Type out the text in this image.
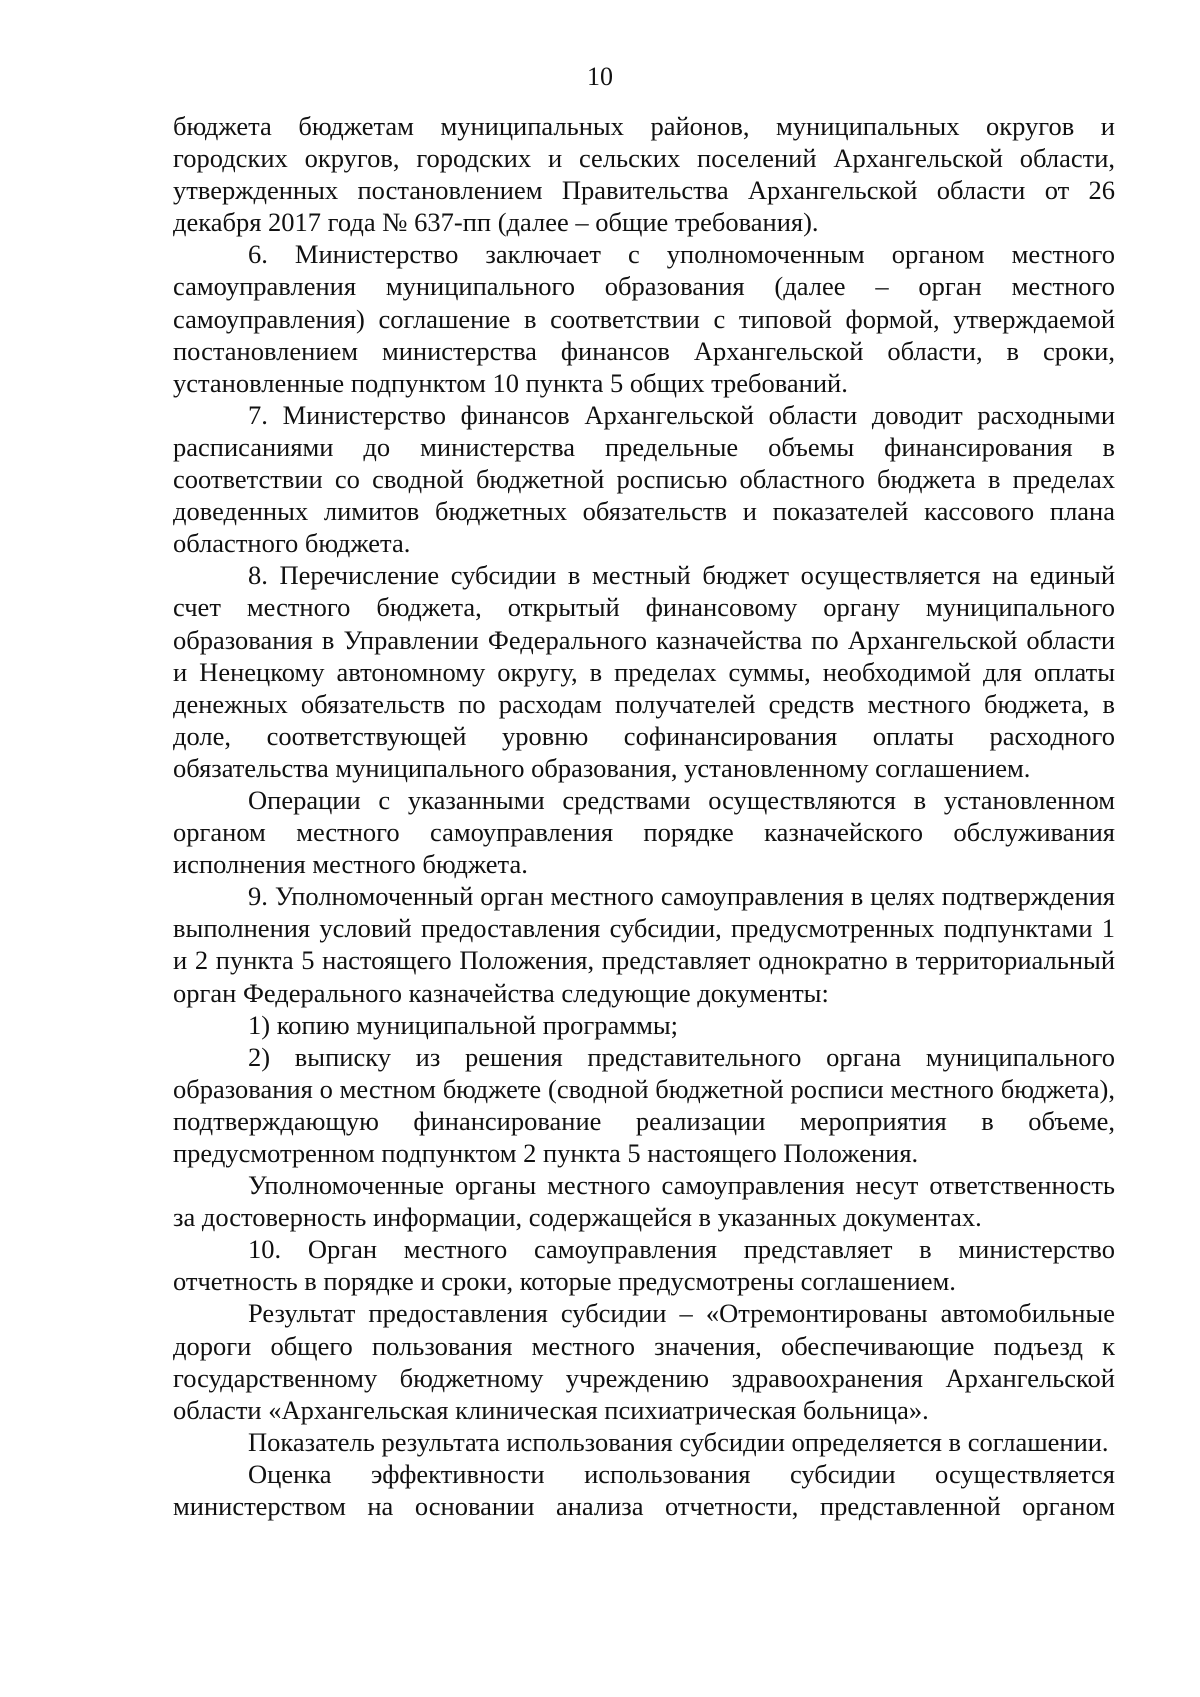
10

бюджета бюджетам муниципальных районов, муниципальных округов и городских округов, городских и сельских поселений Архангельской области, утвержденных постановлением Правительства Архангельской области от 26 декабря 2017 года № 637-пп (далее – общие требования).

6. Министерство заключает с уполномоченным органом местного самоуправления муниципального образования (далее – орган местного самоуправления) соглашение в соответствии с типовой формой, утверждаемой постановлением министерства финансов Архангельской области, в сроки, установленные подпунктом 10 пункта 5 общих требований.

7. Министерство финансов Архангельской области доводит расходными расписаниями до министерства предельные объемы финансирования в соответствии со сводной бюджетной росписью областного бюджета в пределах доведенных лимитов бюджетных обязательств и показателей кассового плана областного бюджета.

8. Перечисление субсидии в местный бюджет осуществляется на единый счет местного бюджета, открытый финансовому органу муниципального образования в Управлении Федерального казначейства по Архангельской области и Ненецкому автономному округу, в пределах суммы, необходимой для оплаты денежных обязательств по расходам получателей средств местного бюджета, в доле, соответствующей уровню софинансирования оплаты расходного обязательства муниципального образования, установленному соглашением.

Операции с указанными средствами осуществляются в установленном органом местного самоуправления порядке казначейского обслуживания исполнения местного бюджета.

9. Уполномоченный орган местного самоуправления в целях подтверждения выполнения условий предоставления субсидии, предусмотренных подпунктами 1 и 2 пункта 5 настоящего Положения, представляет однократно в территориальный орган Федерального казначейства следующие документы:

1) копию муниципальной программы;

2) выписку из решения представительного органа муниципального образования о местном бюджете (сводной бюджетной росписи местного бюджета), подтверждающую финансирование реализации мероприятия в объеме, предусмотренном подпунктом 2 пункта 5 настоящего Положения.

Уполномоченные органы местного самоуправления несут ответственность за достоверность информации, содержащейся в указанных документах.

10. Орган местного самоуправления представляет в министерство отчетность в порядке и сроки, которые предусмотрены соглашением.

Результат предоставления субсидии – «Отремонтированы автомобильные дороги общего пользования местного значения, обеспечивающие подъезд к государственному бюджетному учреждению здравоохранения Архангельской области «Архангельская клиническая психиатрическая больница».

Показатель результата использования субсидии определяется в соглашении.

Оценка эффективности использования субсидии осуществляется министерством на основании анализа отчетности, представленной органом
